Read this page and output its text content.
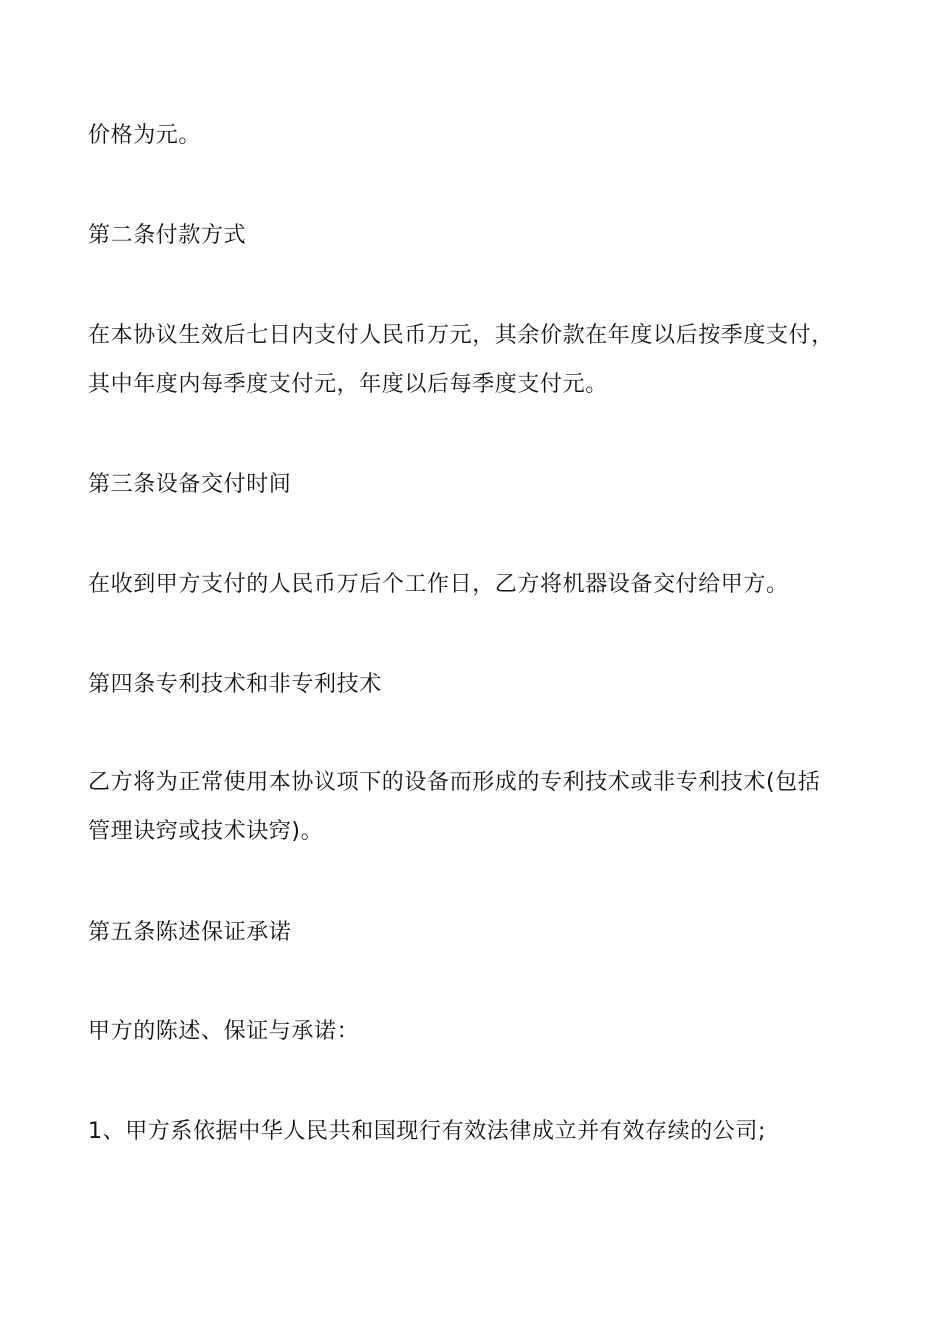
价格为元。

第二条付款方式

在本协议生效后七日内支付人民币万元，其余价款在年度以后按季度支付，

其中年度内每季度支付元，年度以后每季度支付元。

第三条设备交付时间

在收到甲方支付的人民币万后个工作日，乙方将机器设备交付给甲方。

第四条专利技术和非专利技术

乙方将为正常使用本协议项下的设备而形成的专利技术或非专利技术(包括

管理诀窍或技术诀窍)。

第五条陈述保证承诺

甲方的陈述、保证与承诺：

1、甲方系依据中华人民共和国现行有效法律成立并有效存续的公司;
